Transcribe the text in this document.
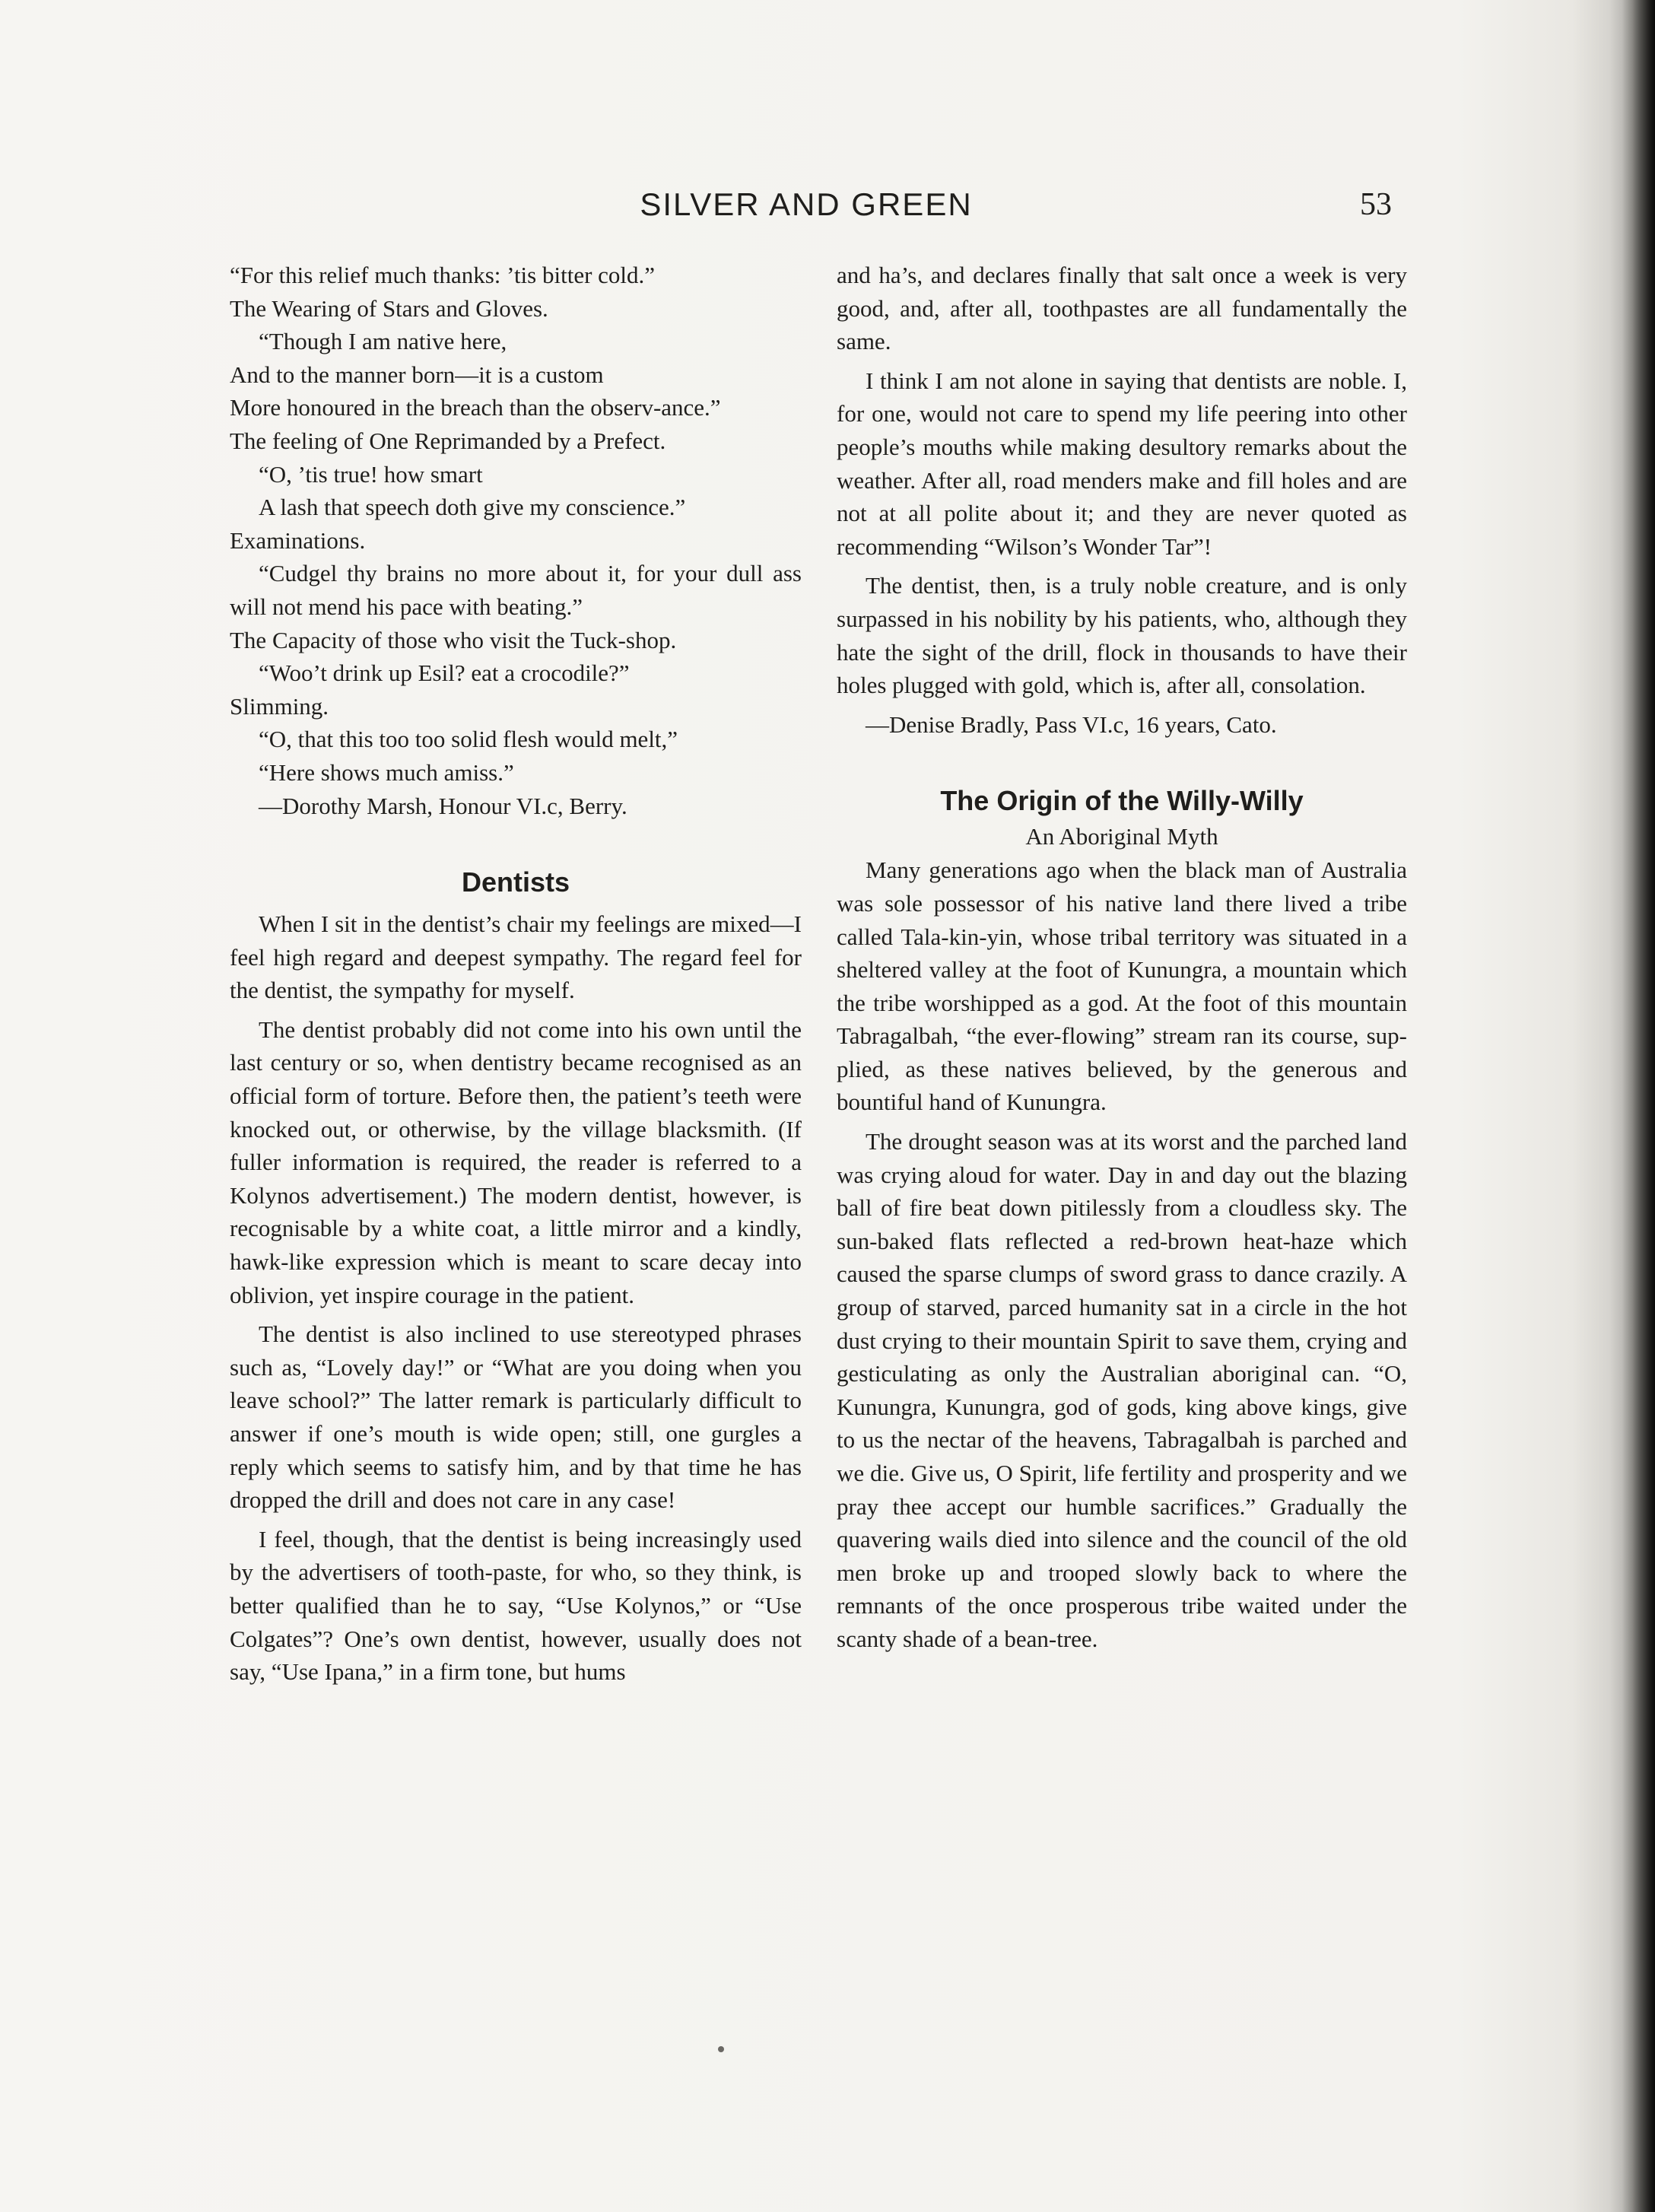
SILVER AND GREEN	53

“For this relief much thanks: ’tis bitter cold.”

The Wearing of Stars and Gloves.

“Though I am native here,

And to the manner born—it is a custom

More honoured in the breach than the observ-ance.”

The feeling of One Reprimanded by a Prefect.

“O, ’tis true! how smart

A lash that speech doth give my conscience.”

Examinations.

“Cudgel thy brains no more about it, for your dull ass will not mend his pace with beating.”

The Capacity of those who visit the Tuck-shop.

“Woo’t drink up Esil? eat a crocodile?”

Slimming.

“O, that this too too solid flesh would melt,”

“Here shows much amiss.”

—Dorothy Marsh, Honour VI.c, Berry.

Dentists

When I sit in the dentist’s chair my feelings are mixed—I feel high regard and deepest sympathy. The regard feel for the dentist, the sympathy for myself.

The dentist probably did not come into his own until the last century or so, when dentistry became recognised as an official form of torture. Before then, the patient’s teeth were knocked out, or otherwise, by the village blacksmith. (If fuller information is required, the reader is referred to a Kolynos advertisement.) The modern dentist, however, is recognisable by a white coat, a little mirror and a kindly, hawk-like expression which is meant to scare decay into oblivion, yet inspire courage in the patient.

The dentist is also inclined to use stereotyped phrases such as, “Lovely day!” or “What are you doing when you leave school?” The latter remark is particularly difficult to answer if one’s mouth is wide open; still, one gurgles a reply which seems to satisfy him, and by that time he has dropped the drill and does not care in any case!

I feel, though, that the dentist is being increasingly used by the advertisers of tooth-paste, for who, so they think, is better qualified than he to say, “Use Kolynos,” or “Use Colgates”? One’s own dentist, however, usually does not say, “Use Ipana,” in a firm tone, but hums

and ha’s, and declares finally that salt once a week is very good, and, after all, toothpastes are all fundamentally the same.

I think I am not alone in saying that dentists are noble. I, for one, would not care to spend my life peering into other people’s mouths while making desultory remarks about the weather. After all, road menders make and fill holes and are not at all polite about it; and they are never quoted as recommending “Wilson’s Wonder Tar”!

The dentist, then, is a truly noble creature, and is only surpassed in his nobility by his patients, who, although they hate the sight of the drill, flock in thousands to have their holes plugged with gold, which is, after all, consolation.

—Denise Bradly, Pass VI.c, 16 years, Cato.

The Origin of the Willy-Willy

An Aboriginal Myth

Many generations ago when the black man of Australia was sole possessor of his native land there lived a tribe called Tala-kin-yin, whose tribal territory was situated in a sheltered valley at the foot of Kunungra, a mountain which the tribe worshipped as a god. At the foot of this mountain Tabragalbah, “the ever-flowing” stream ran its course, supplied, as these natives believed, by the generous and bountiful hand of Kunungra.

The drought season was at its worst and the parched land was crying aloud for water. Day in and day out the blazing ball of fire beat down pitilessly from a cloudless sky. The sun-baked flats reflected a red-brown heat-haze which caused the sparse clumps of sword grass to dance crazily. A group of starved, parced humanity sat in a circle in the hot dust crying to their mountain Spirit to save them, crying and gesticulating as only the Australian aboriginal can. “O, Kunungra, Kunungra, god of gods, king above kings, give to us the nectar of the heavens, Tabragalbah is parched and we die. Give us, O Spirit, life fertility and prosperity and we pray thee accept our humble sacrifices.” Gradually the quavering wails died into silence and the council of the old men broke up and trooped slowly back to where the remnants of the once prosperous tribe waited under the scanty shade of a bean-tree.
